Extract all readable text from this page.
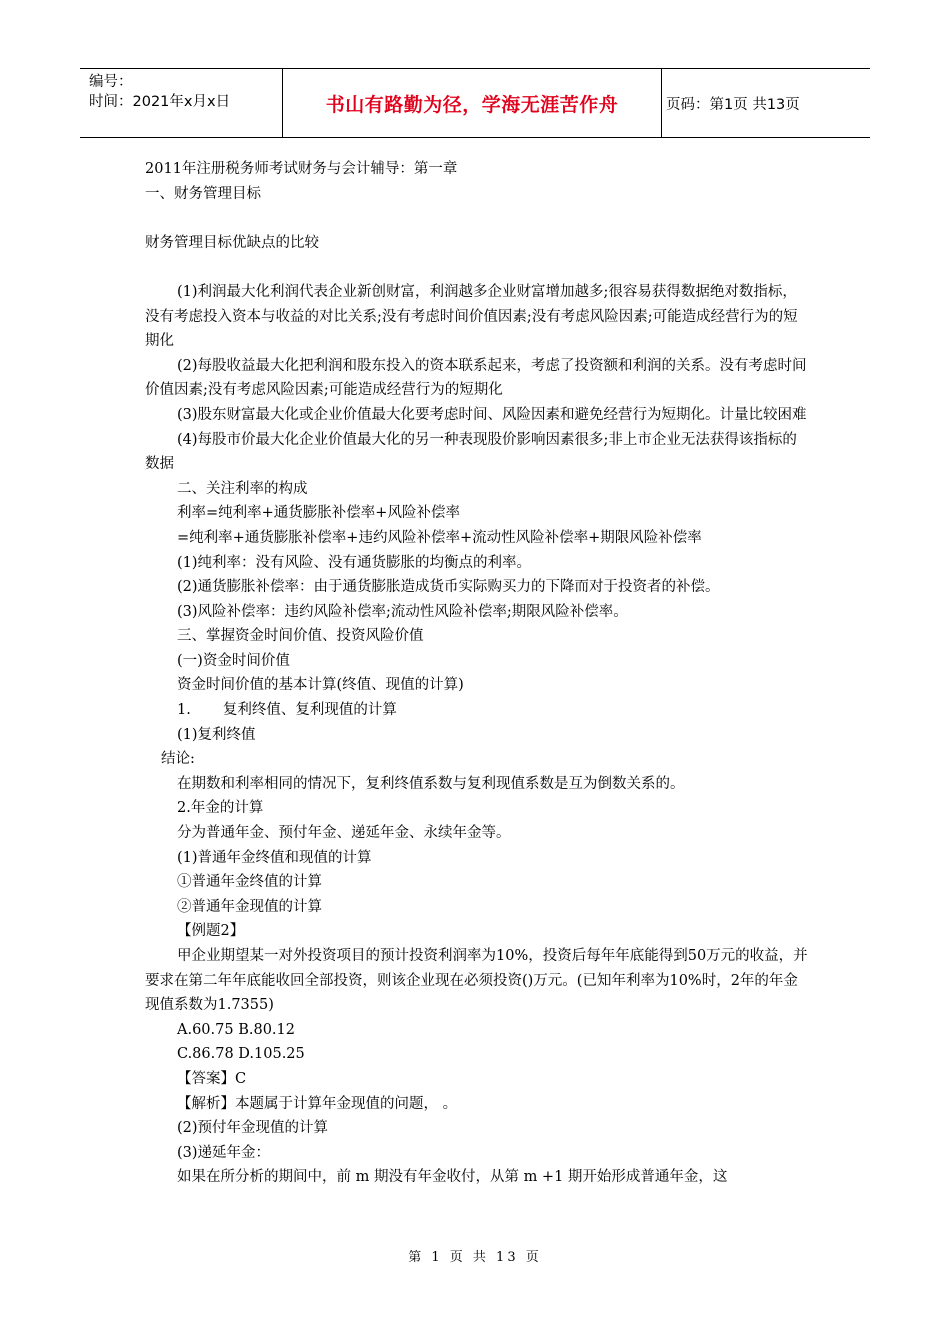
编号：
时间：2021年x月x日	书山有路勤为径，学海无涯苦作舟	页码：第1页 共13页

2011年注册税务师考试财务与会计辅导：第一章

一、财务管理目标

财务管理目标优缺点的比较

(1)利润最大化利润代表企业新创财富，利润越多企业财富增加越多;很容易获得数据绝对数指标，没有考虑投入资本与收益的对比关系;没有考虑时间价值因素;没有考虑风险因素;可能造成经营行为的短期化

(2)每股收益最大化把利润和股东投入的资本联系起来，考虑了投资额和利润的关系。没有考虑时间价值因素;没有考虑风险因素;可能造成经营行为的短期化

(3)股东财富最大化或企业价值最大化要考虑时间、风险因素和避免经营行为短期化。计量比较困难

(4)每股市价最大化企业价值最大化的另一种表现股价影响因素很多;非上市企业无法获得该指标的数据

二、关注利率的构成

利率=纯利率+通货膨胀补偿率+风险补偿率

=纯利率+通货膨胀补偿率+违约风险补偿率+流动性风险补偿率+期限风险补偿率

(1)纯利率：没有风险、没有通货膨胀的均衡点的利率。

(2)通货膨胀补偿率：由于通货膨胀造成货币实际购买力的下降而对于投资者的补偿。

(3)风险补偿率：违约风险补偿率;流动性风险补偿率;期限风险补偿率。

三、掌握资金时间价值、投资风险价值

(一)资金时间价值

资金时间价值的基本计算(终值、现值的计算)

1. 复利终值、复利现值的计算

(1)复利终值

结论:

在期数和利率相同的情况下，复利终值系数与复利现值系数是互为倒数关系的。

2.年金的计算

分为普通年金、预付年金、递延年金、永续年金等。

(1)普通年金终值和现值的计算

①普通年金终值的计算

②普通年金现值的计算

【例题2】

甲企业期望某一对外投资项目的预计投资利润率为10%，投资后每年年底能得到50万元的收益，并要求在第二年年底能收回全部投资，则该企业现在必须投资()万元。(已知年利率为10%时，2年的年金现值系数为1.7355)

A.60.75 B.80.12

C.86.78 D.105.25

【答案】C

【解析】本题属于计算年金现值的问题， 。

(2)预付年金现值的计算

(3)递延年金：

如果在所分析的期间中，前 m 期没有年金收付，从第 m +1 期开始形成普通年金，这

第 1 页 共 13 页
